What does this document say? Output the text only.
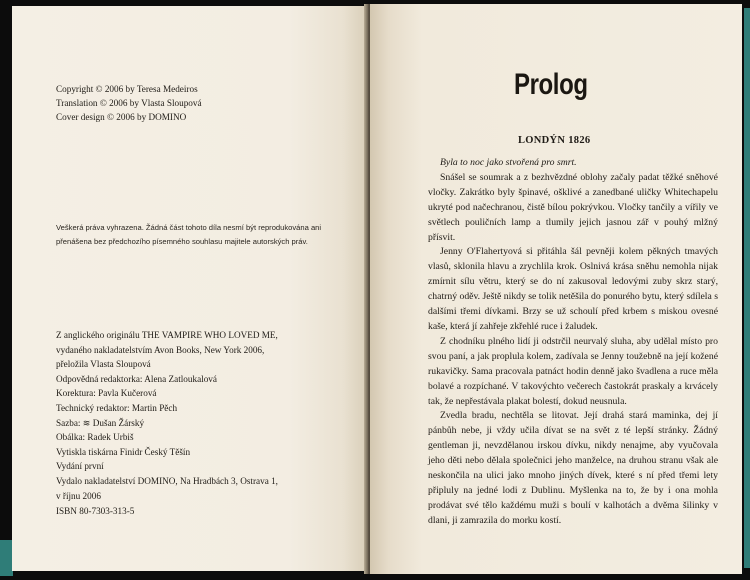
Copyright © 2006 by Teresa Medeiros
Translation © 2006 by Vlasta Sloupová
Cover design © 2006 by DOMINO
Veškerá práva vyhrazena. Žádná část tohoto díla nesmí být reprodukována ani
přenášena bez předchozího písemného souhlasu majitele autorských práv.
Z anglického originálu THE VAMPIRE WHO LOVED ME,
vydaného nakladatelstvím Avon Books, New York 2006,
přeložila Vlasta Sloupová
Odpovědná redaktorka: Alena Zatloukalová
Korektura: Pavla Kučerová
Technický redaktor: Martin Pěch
Sazba: ≋ Dušan Žárský
Obálka: Radek Urbiš
Vytiskla tiskárna Finidr Český Těšín
Vydání první
Vydalo nakladatelství DOMINO, Na Hradbách 3, Ostrava 1,
v říjnu 2006
ISBN 80-7303-313-5
Prolog
LONDÝN 1826
Byla to noc jako stvořená pro smrt.

Snášel se soumrak a z bezhvězdné oblohy začaly padat těžké sněhové vločky. Zakrátko byly špinavé, ošklivé a zanedbané uličky Whitechapelu ukryté pod načechranou, čistě bílou pokrývkou. Vločky tančily a vířily ve světlech pouličních lamp a tlumily jejich jasnou zář v pouhý mlžný přísvit.

Jenny O'Flahertyová si přitáhla šál pevněji kolem pěkných tmavých vlasů, sklonila hlavu a zrychlila krok. Oslnivá krása sněhu nemohla nijak zmírnit sílu větru, který se do ní zakusoval ledovými zuby skrz starý, chatrný oděv. Ještě nikdy se tolik netěšila do ponurého bytu, který sdílela s dalšími třemi dívkami. Brzy se už schoulí před krbem s miskou ovesné kaše, která jí zahřeje zkřehlé ruce i žaludek.

Z chodníku plného lidí ji odstrčil neurvalý sluha, aby udělal místo pro svou paní, a jak proplula kolem, zadívala se Jenny toužebně na její kožené rukavičky. Sama pracovala patnáct hodin denně jako švadlena a ruce měla bolavé a rozpíchané. V takovýchto večerech častokrát praskaly a krvácely tak, že nepřestávala plakat bolestí, dokud neusnula.

Zvedla bradu, nechtěla se litovat. Její drahá stará maminka, dej jí pánbůh nebe, ji vždy učila dívat se na svět z té lepší stránky. Žádný gentleman ji, nevzdělanou irskou dívku, nikdy nenajme, aby vyučovala jeho děti nebo dělala společnici jeho manželce, na druhou stranu však ale neskončila na ulici jako mnoho jiných dívek, které s ní před třemi lety připluly na jedné lodi z Dublinu. Myšlenka na to, že by i ona mohla prodávat své tělo každému muži s boulí v kalhotách a dvěma šilinky v dlani, ji zamrazila do morku kostí.
